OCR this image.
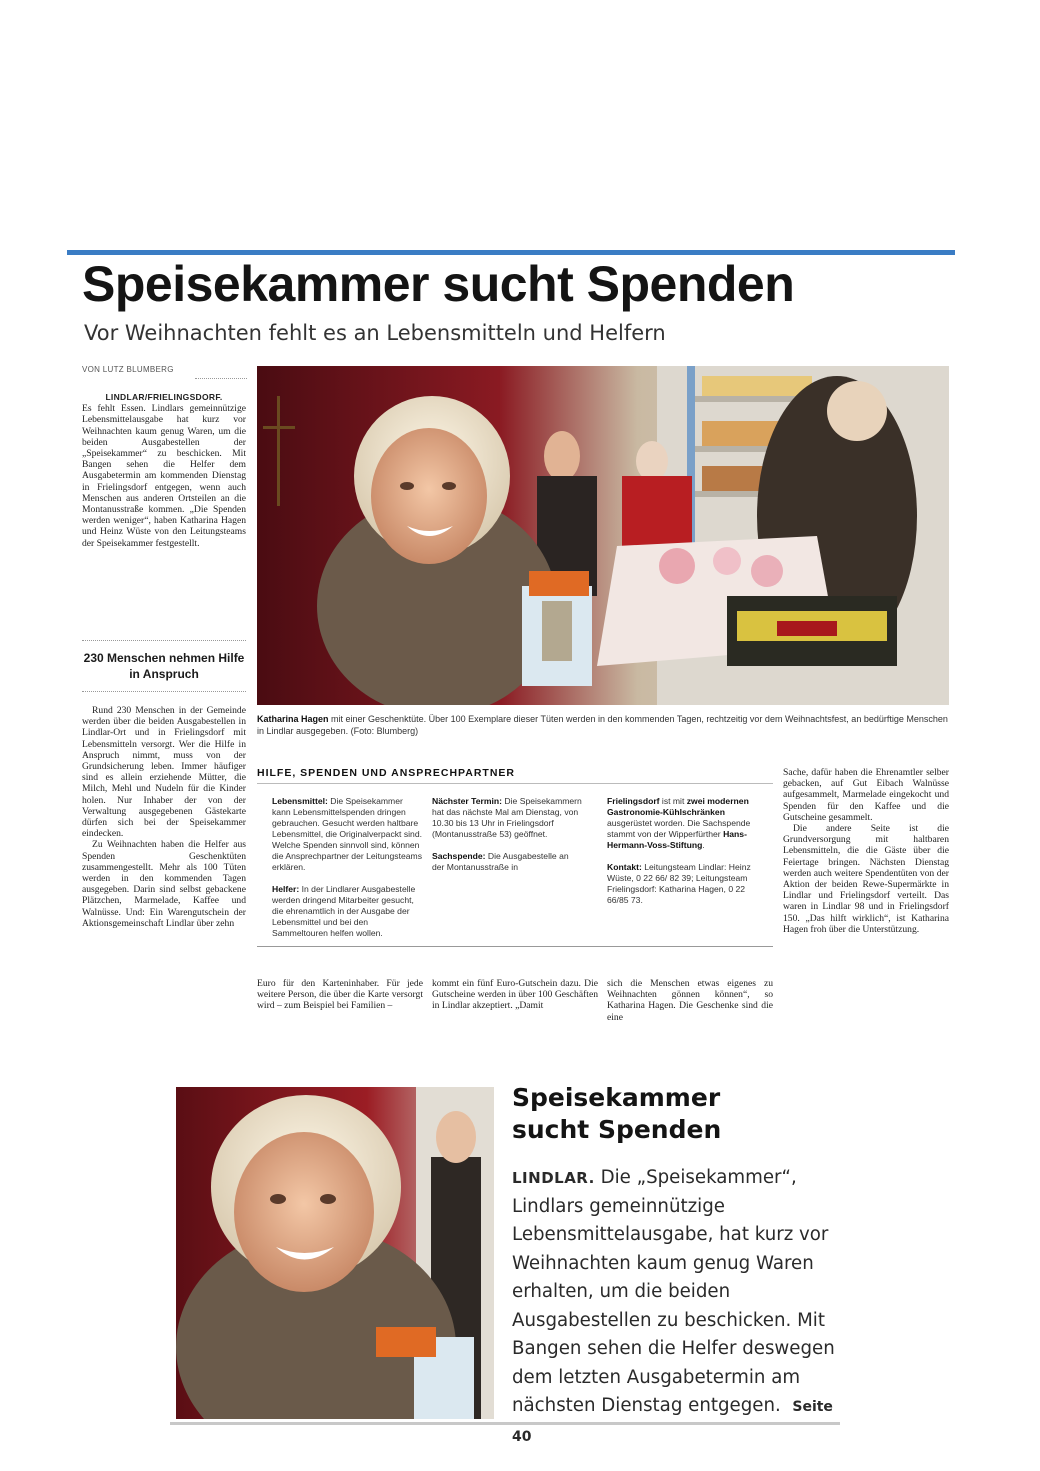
Speisekammer sucht Spenden
Vor Weihnachten fehlt es an Lebensmitteln und Helfern
VON LUTZ BLUMBERG
LINDLAR/FRIELINGSDORF.

Es fehlt Essen. Lindlars gemeinnützige Lebensmittelausgabe hat kurz vor Weihnachten kaum genug Waren, um die beiden Ausgabestellen der „Speisekammer“ zu beschicken. Mit Bangen sehen die Helfer dem Ausgabetermin am kommenden Dienstag in Frielingsdorf entgegen, wenn auch Menschen aus anderen Ortsteilen an die Montanusstraße kommen. „Die Spenden werden weniger“, haben Katharina Hagen und Heinz Wüste von den Leitungsteams der Speisekammer festgestellt.

230 Menschen nehmen Hilfe in Anspruch

Rund 230 Menschen in der Gemeinde werden über die beiden Ausgabestellen in Lindlar-Ort und in Frielingsdorf mit Lebensmitteln versorgt. Wer die Hilfe in Anspruch nimmt, muss von der Grundsicherung leben. Immer häufiger sind es allein erziehende Mütter, die Milch, Mehl und Nudeln für die Kinder holen. Nur Inhaber der von der Verwaltung ausgegebenen Gästekarte dürfen sich bei der Speisekammer eindecken.

Zu Weihnachten haben die Helfer aus Spenden Geschenktüten zusammengestellt. Mehr als 100 Tüten werden in den kommenden Tagen ausgegeben. Darin sind selbst gebackene Plätzchen, Marmelade, Kaffee und Walnüsse. Und: Ein Warengutschein der Aktionsgemeinschaft Lindlar über zehn

Katharina Hagen mit einer Geschenktüte. Über 100 Exemplare dieser Tüten werden in den kommenden Tagen, rechtzeitig vor dem Weihnachtsfest, an bedürftige Menschen in Lindlar ausgegeben. (Foto: Blumberg)
HILFE, SPENDEN UND ANSPRECHPARTNER
Lebensmittel: Die Speisekammer kann Lebensmittelspenden dringen gebrauchen. Gesucht werden haltbare Lebensmittel, die Originalverpackt sind. Welche Spenden sinnvoll sind, können die Ansprechpartner der Leitungsteams erklären.
Helfer: In der Lindlarer Ausgabestelle werden dringend Mitarbeiter gesucht, die ehrenamtlich in der Ausgabe der Lebensmittel und bei den Sammeltouren helfen wollen.
Nächster Termin: Die Speisekammern hat das nächste Mal am Dienstag, von 10.30 bis 13 Uhr in Frielingsdorf (Montanusstraße 53) geöffnet.
Sachspende: Die Ausgabestelle an der Montanusstraße in
Frielingsdorf ist mit zwei modernen Gastronomie-Kühlschränken ausgerüstet worden. Die Sachspende stammt von der Wipperfürther Hans-Hermann-Voss-Stiftung.
Kontakt: Leitungsteam Lindlar: Heinz Wüste, 0 22 66/ 82 39; Leitungsteam Frielingsdorf: Katharina Hagen, 0 22 66/85 73.

Euro für den Karteninhaber. Für jede weitere Person, die über die Karte versorgt wird – zum Beispiel bei Familien –

kommt ein fünf Euro-Gutschein dazu. Die Gutscheine werden in über 100 Geschäften in Lindlar akzeptiert. „Damit

sich die Menschen etwas eigenes zu Weihnachten gönnen können“, so Katharina Hagen. Die Geschenke sind die eine

Sache, dafür haben die Ehrenamtler selber gebacken, auf Gut Eibach Walnüsse aufgesammelt, Marmelade eingekocht und Spenden für den Kaffee und die Gutscheine gesammelt.

Die andere Seite ist die Grundversorgung mit haltbaren Lebensmitteln, die die Gäste über die Feiertage bringen. Nächsten Dienstag werden auch weitere Spendentüten von der Aktion der beiden Rewe-Supermärkte in Lindlar und Frielingsdorf verteilt. Das waren in Lindlar 98 und in Frielingsdorf 150. „Das hilft wirklich“, ist Katharina Hagen froh über die Unterstützung.

Speisekammer
sucht Spenden
LINDLAR. Die „Speisekammer“, Lindlars gemeinnützige Lebensmittelausgabe, hat kurz vor Weihnachten kaum genug Waren erhalten, um die beiden Ausgabestellen zu beschicken. Mit Bangen sehen die Helfer deswegen dem letzten Ausgabetermin am nächsten Dienstag entgegen. Seite 40
